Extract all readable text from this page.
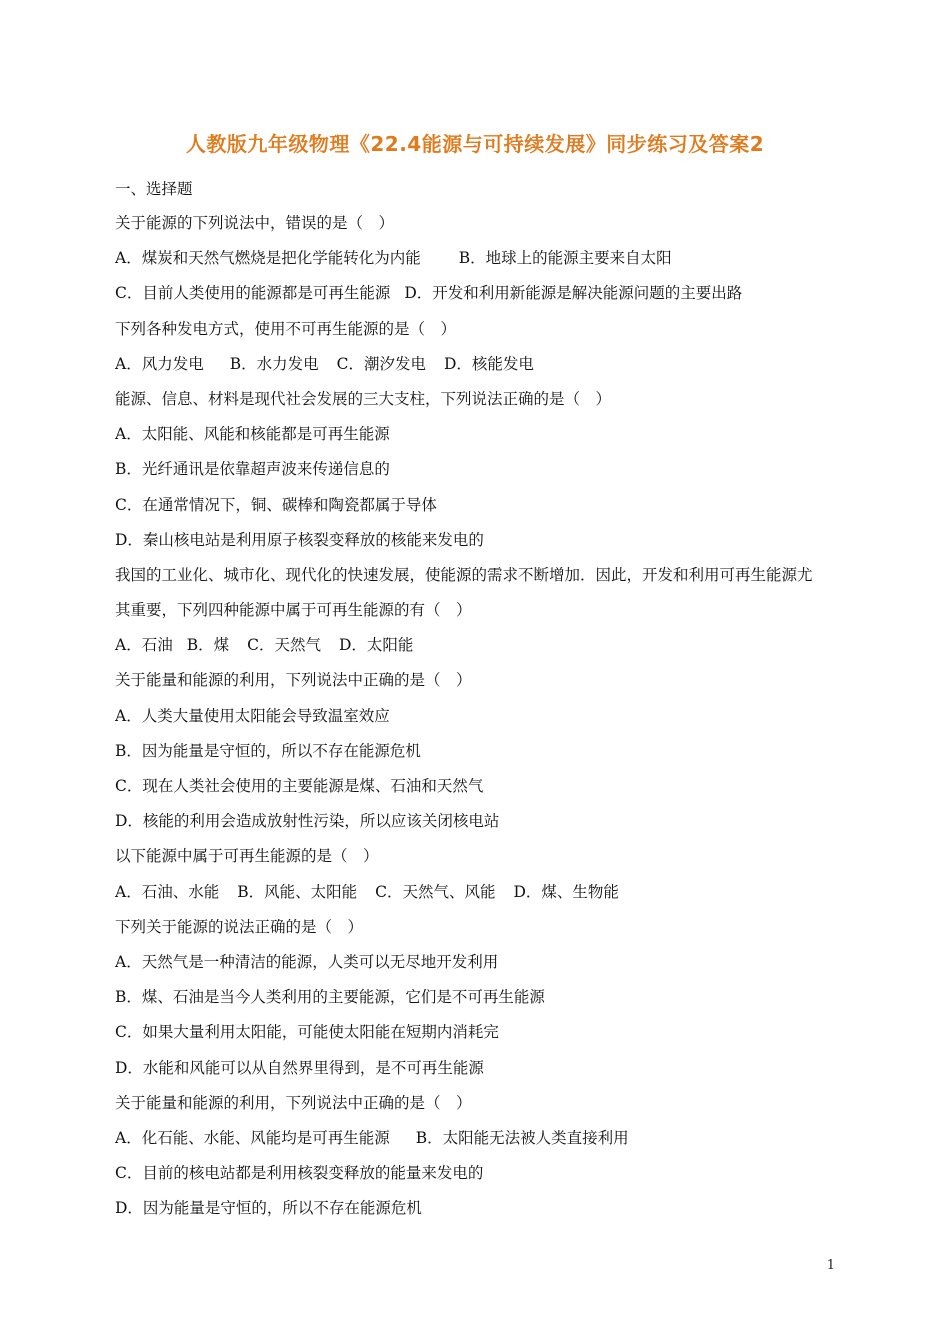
人教版九年级物理《22.4能源与可持续发展》同步练习及答案2
一、选择题
关于能源的下列说法中，错误的是（　）
A．煤炭和天然气燃烧是把化学能转化为内能 B．地球上的能源主要来自太阳
C．目前人类使用的能源都是可再生能源 D．开发和利用新能源是解决能源问题的主要出路
下列各种发电方式，使用不可再生能源的是（　）
A．风力发电 B．水力发电 C．潮汐发电 D．核能发电
能源、信息、材料是现代社会发展的三大支柱，下列说法正确的是（　）
A．太阳能、风能和核能都是可再生能源
B．光纤通讯是依靠超声波来传递信息的
C．在通常情况下，铜、碳棒和陶瓷都属于导体
D．秦山核电站是利用原子核裂变释放的核能来发电的
我国的工业化、城市化、现代化的快速发展，使能源的需求不断增加．因此，开发和利用可再生能源尤
其重要，下列四种能源中属于可再生能源的有（　）
A．石油 B．煤 C．天然气 D．太阳能
关于能量和能源的利用，下列说法中正确的是（　）
A．人类大量使用太阳能会导致温室效应
B．因为能量是守恒的，所以不存在能源危机
C．现在人类社会使用的主要能源是煤、石油和天然气
D．核能的利用会造成放射性污染，所以应该关闭核电站
以下能源中属于可再生能源的是（　）
A．石油、水能 B．风能、太阳能 C．天然气、风能 D．煤、生物能
下列关于能源的说法正确的是（　）
A．天然气是一种清洁的能源，人类可以无尽地开发利用
B．煤、石油是当今人类利用的主要能源，它们是不可再生能源
C．如果大量利用太阳能，可能使太阳能在短期内消耗完
D．水能和风能可以从自然界里得到，是不可再生能源
关于能量和能源的利用，下列说法中正确的是（　）
A．化石能、水能、风能均是可再生能源 B．太阳能无法被人类直接利用
C．目前的核电站都是利用核裂变释放的能量来发电的
D．因为能量是守恒的，所以不存在能源危机
1
